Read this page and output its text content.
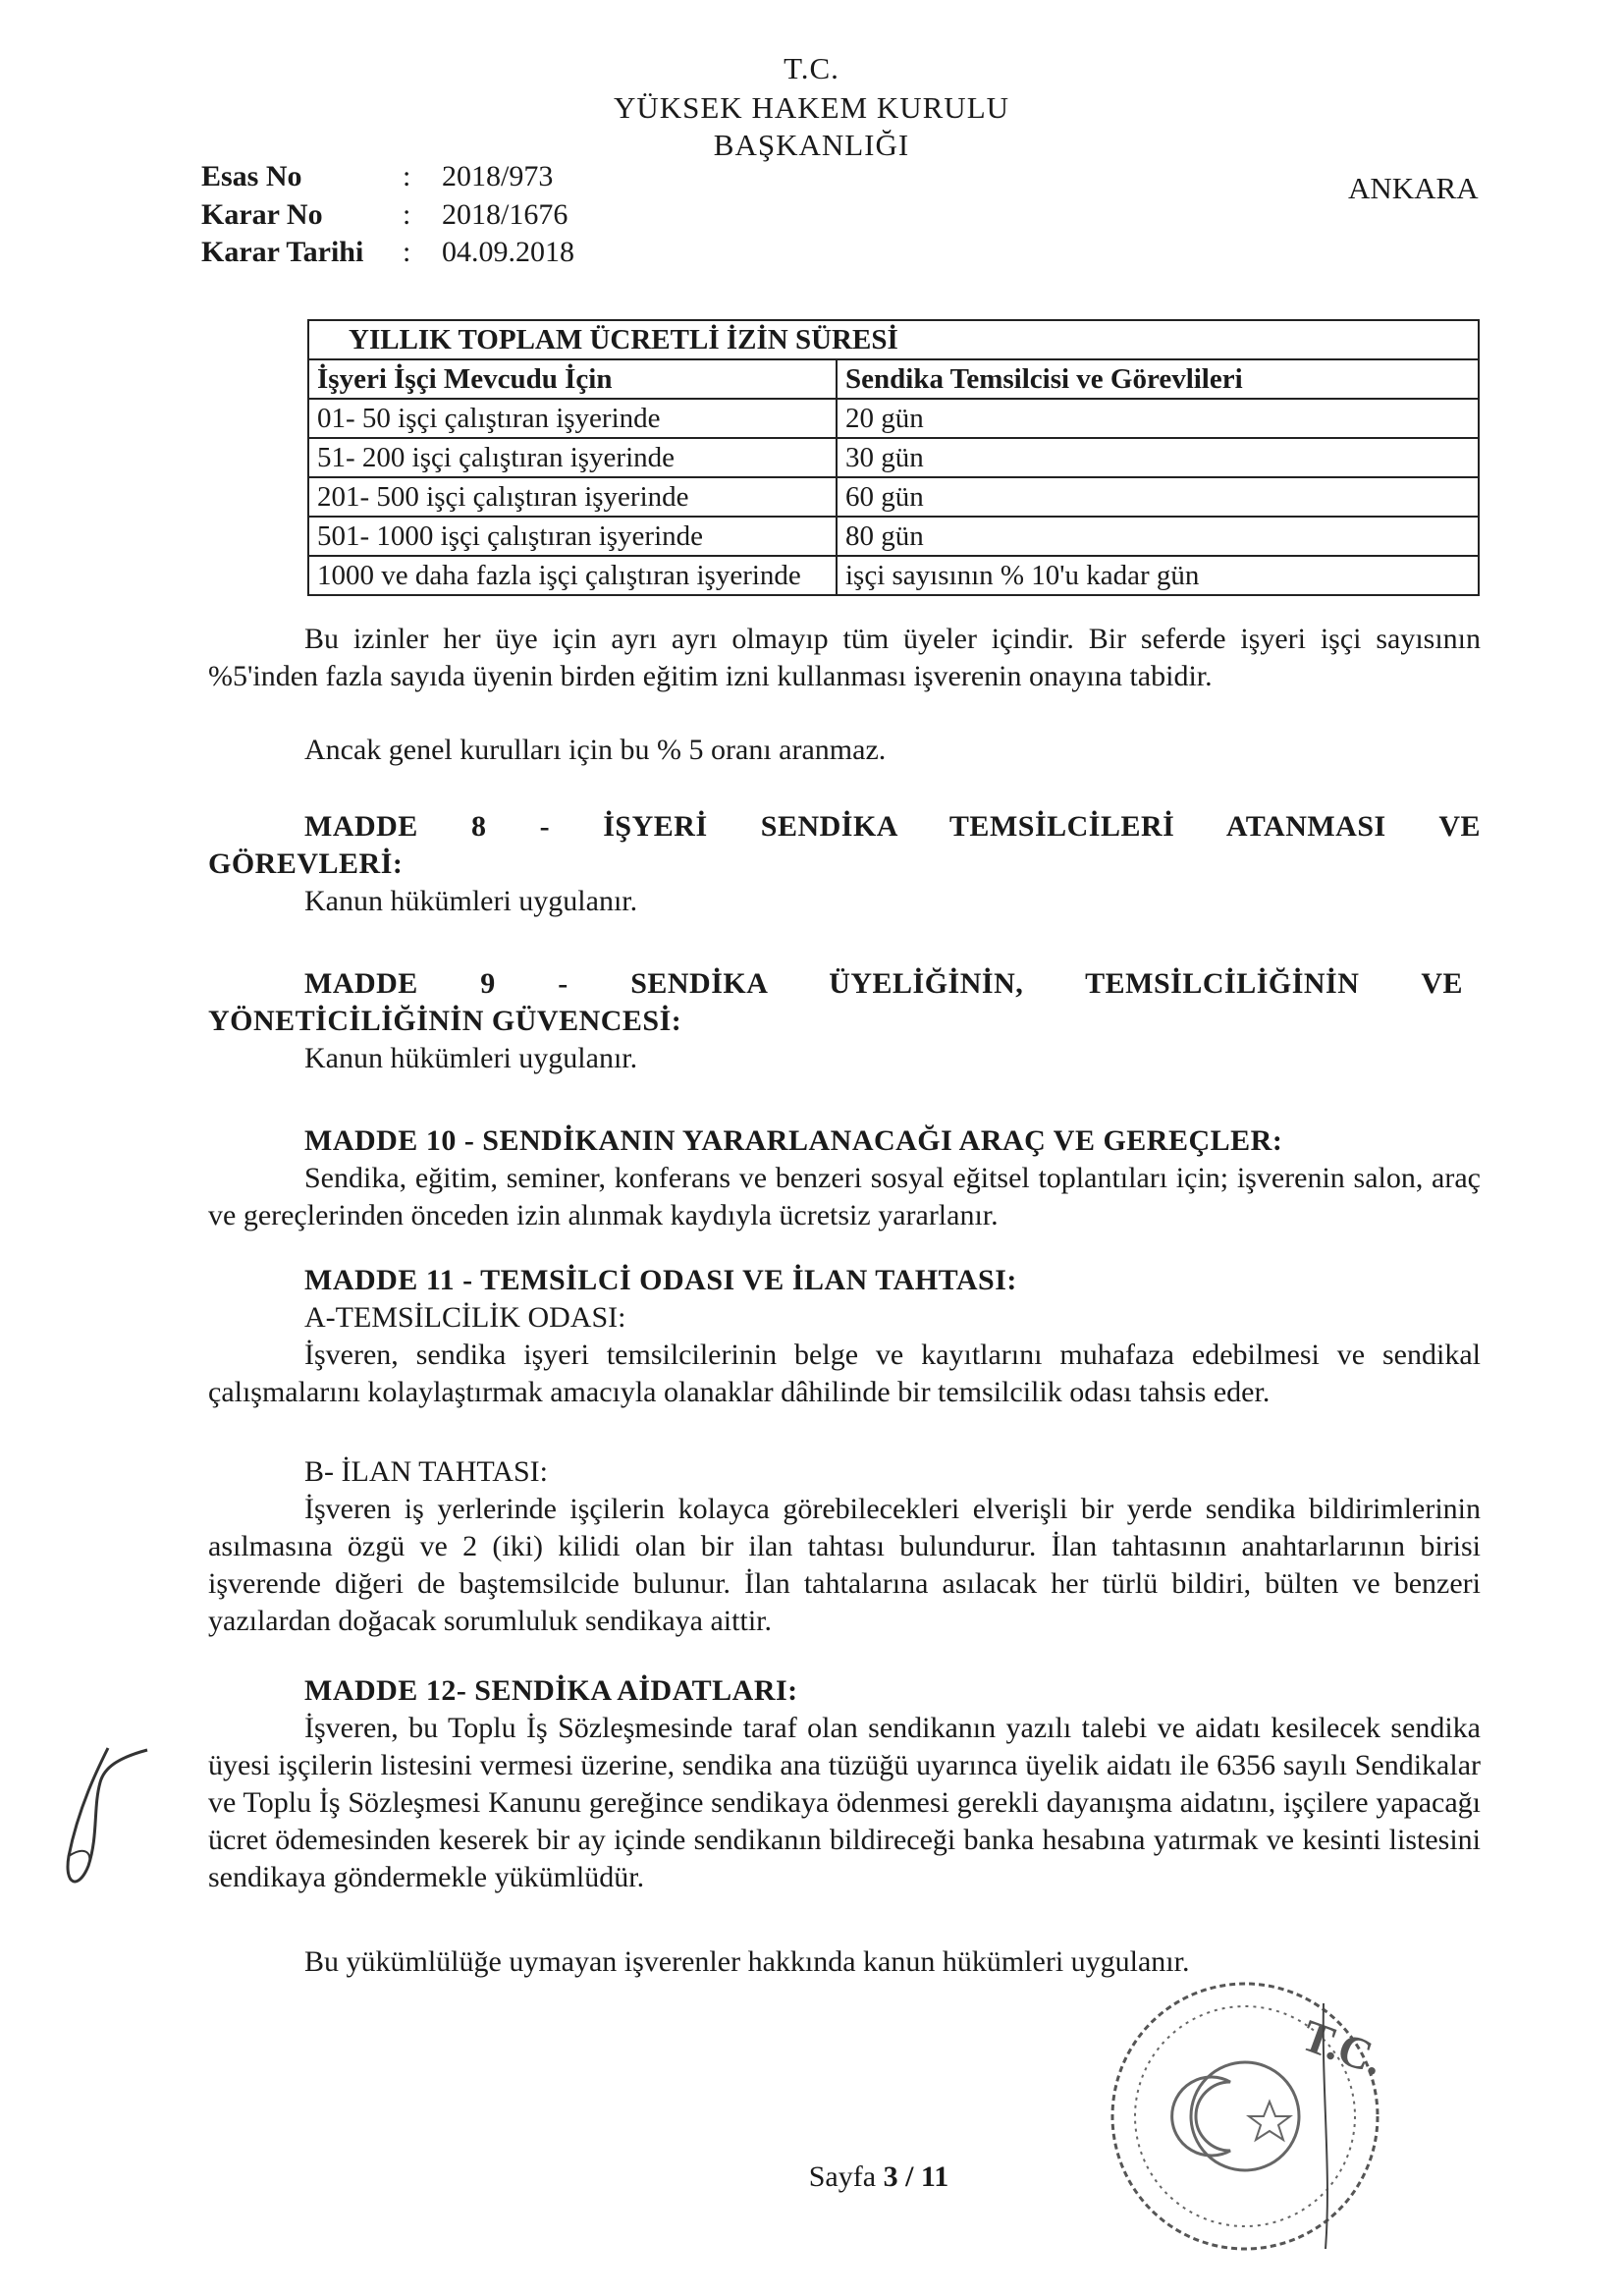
T.C.
YÜKSEK HAKEM KURULU
BAŞKANLIĞI
ANKARA
Esas No	: 2018/973
Karar No	: 2018/1676
Karar Tarihi : 04.09.2018
YILLIK TOPLAM ÜCRETLİ İZİN SÜRESİ	
İşyeri İşçi Mevcudu İçin	Sendika Temsilcisi ve Görevlileri
01- 50 işçi çalıştıran işyerinde	20 gün
51- 200 işçi çalıştıran işyerinde	30 gün
201- 500 işçi çalıştıran işyerinde	60 gün
501- 1000 işçi çalıştıran işyerinde	80 gün
1000 ve daha fazla işçi çalıştıran işyerinde	işçi sayısının % 10'u kadar gün
Bu izinler her üye için ayrı ayrı olmayıp tüm üyeler içindir. Bir seferde işyeri işçi sayısının %5'inden fazla sayıda üyenin birden eğitim izni kullanması işverenin onayına tabidir.
Ancak genel kurulları için bu % 5 oranı aranmaz.
MADDE 8 - İŞYERİ SENDİKA TEMSİLCİLERİ ATANMASI VE
GÖREVLERİ:
Kanun hükümleri uygulanır.
MADDE 9 - SENDİKA ÜYELİĞİNİN, TEMSİLCİLİĞİNİN VE
YÖNETİCİLİĞİNİN GÜVENCESİ:
Kanun hükümleri uygulanır.
MADDE 10 - SENDİKANIN YARARLANACAĞI ARAÇ VE GEREÇLER:
Sendika, eğitim, seminer, konferans ve benzeri sosyal eğitsel toplantıları için; işverenin salon, araç ve gereçlerinden önceden izin alınmak kaydıyla ücretsiz yararlanır.
MADDE 11 - TEMSİLCİ ODASI VE İLAN TAHTASI:
A-TEMSİLCİLİK ODASI:
İşveren, sendika işyeri temsilcilerinin belge ve kayıtlarını muhafaza edebilmesi ve sendikal çalışmalarını kolaylaştırmak amacıyla olanaklar dâhilinde bir temsilcilik odası tahsis eder.
B- İLAN TAHTASI:
İşveren iş yerlerinde işçilerin kolayca görebilecekleri elverişli bir yerde sendika bildirimlerinin asılmasına özgü ve 2 (iki) kilidi olan bir ilan tahtası bulundurur. İlan tahtasının anahtarlarının birisi işverende diğeri de baştemsilcide bulunur. İlan tahtalarına asılacak her türlü bildiri, bülten ve benzeri yazılardan doğacak sorumluluk sendikaya aittir.
MADDE 12- SENDİKA AİDATLARI:
İşveren, bu Toplu İş Sözleşmesinde taraf olan sendikanın yazılı talebi ve aidatı kesilecek sendika üyesi işçilerin listesini vermesi üzerine, sendika ana tüzüğü uyarınca üyelik aidatı ile 6356 sayılı Sendikalar ve Toplu İş Sözleşmesi Kanunu gereğince sendikaya ödenmesi gerekli dayanışma aidatını, işçilere yapacağı ücret ödemesinden keserek bir ay içinde sendikanın bildireceği banka hesabına yatırmak ve kesinti listesini sendikaya göndermekle yükümlüdür.
Bu yükümlülüğe uymayan işverenler hakkında kanun hükümleri uygulanır.
T.C.
Sayfa 3 / 11
